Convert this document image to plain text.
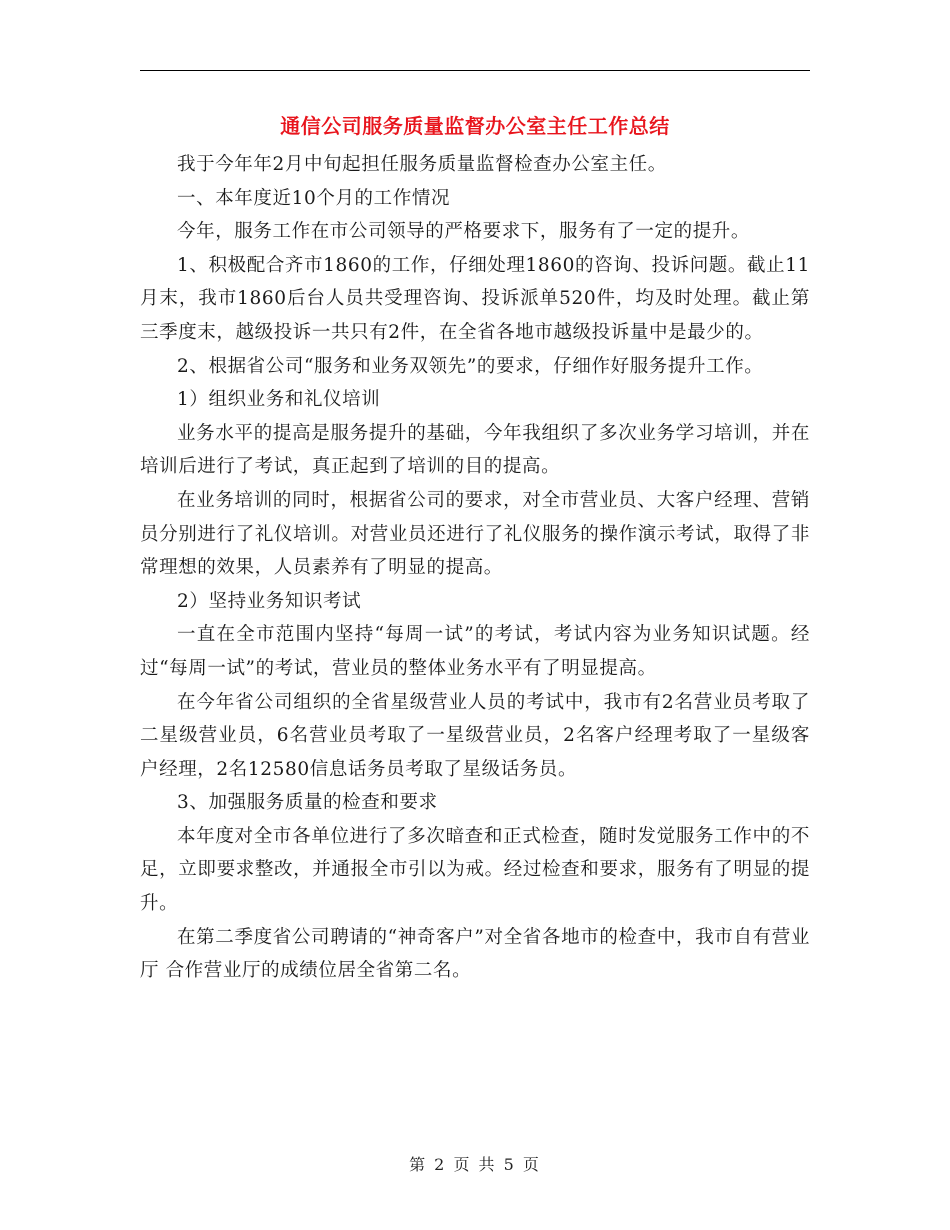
通信公司服务质量监督办公室主任工作总结

我于今年年2月中旬起担任服务质量监督检查办公室主任。

一、本年度近10个月的工作情况

今年，服务工作在市公司领导的严格要求下，服务有了一定的提升。

1、积极配合齐市1860的工作，仔细处理1860的咨询、投诉问题。截止11月末，我市1860后台人员共受理咨询、投诉派单520件，均及时处理。截止第三季度末，越级投诉一共只有2件，在全省各地市越级投诉量中是最少的。

2、根据省公司“服务和业务双领先”的要求，仔细作好服务提升工作。

1）组织业务和礼仪培训

业务水平的提高是服务提升的基础，今年我组织了多次业务学习培训，并在培训后进行了考试，真正起到了培训的目的提高。

在业务培训的同时，根据省公司的要求，对全市营业员、大客户经理、营销员分别进行了礼仪培训。对营业员还进行了礼仪服务的操作演示考试，取得了非常理想的效果，人员素养有了明显的提高。

2）坚持业务知识考试

一直在全市范围内坚持“每周一试”的考试，考试内容为业务知识试题。经过“每周一试”的考试，营业员的整体业务水平有了明显提高。

在今年省公司组织的全省星级营业人员的考试中，我市有2名营业员考取了二星级营业员，6名营业员考取了一星级营业员，2名客户经理考取了一星级客户经理，2名12580信息话务员考取了星级话务员。

3、加强服务质量的检查和要求

本年度对全市各单位进行了多次暗查和正式检查，随时发觉服务工作中的不足，立即要求整改，并通报全市引以为戒。经过检查和要求，服务有了明显的提升。

在第二季度省公司聘请的“神奇客户”对全省各地市的检查中，我市自有营业厅 合作营业厅的成绩位居全省第二名。

第 2 页 共 5 页
